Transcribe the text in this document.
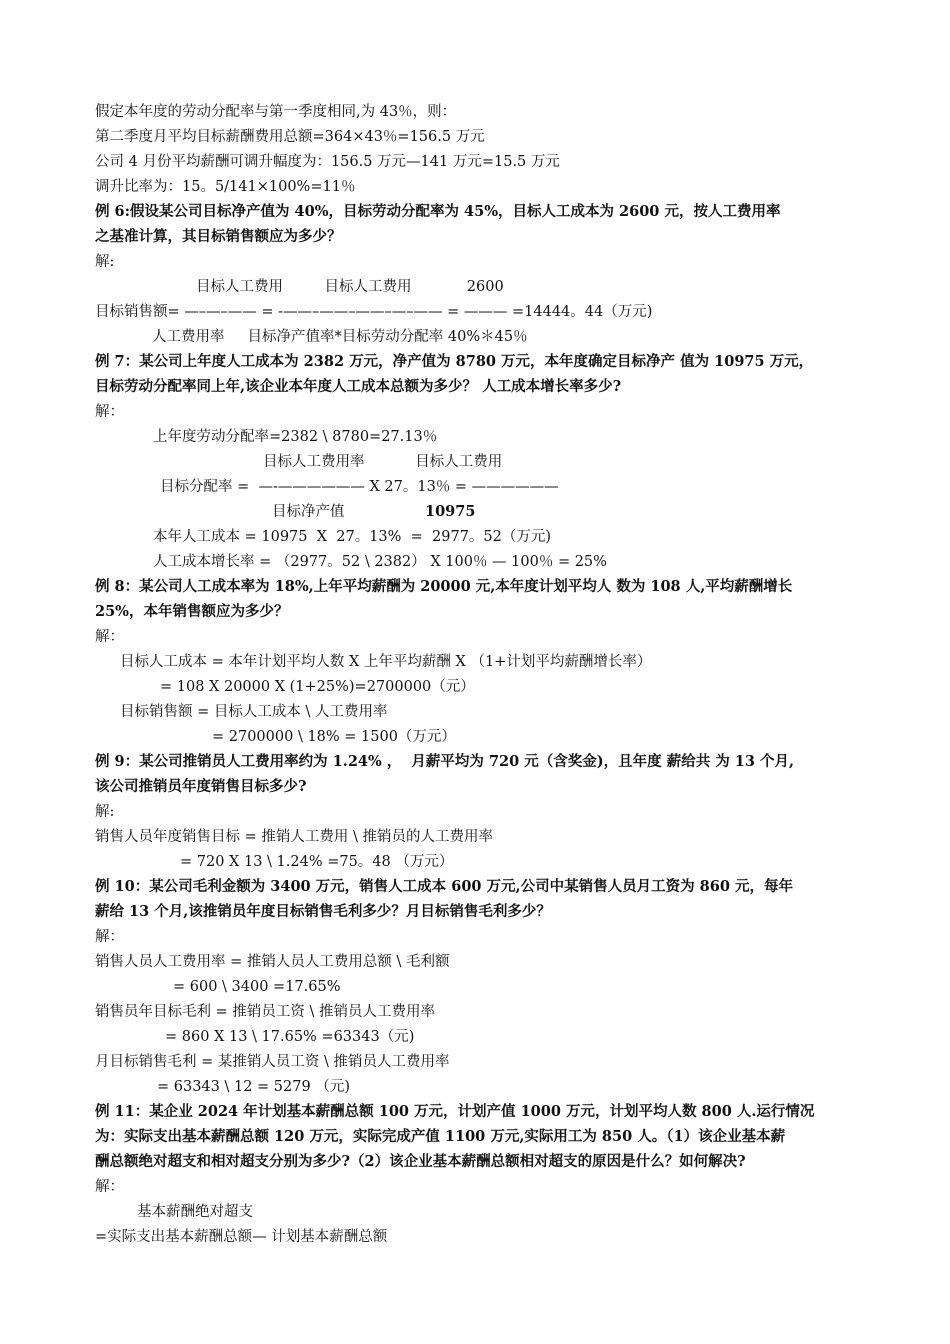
假定本年度的劳动分配率与第一季度相同,为 43％，则：
第二季度月平均目标薪酬费用总额=364×43％=156.5 万元
公司 4 月份平均薪酬可调升幅度为：156.5 万元—141 万元=15.5 万元
调升比率为：15。5/141×100%=11％
例 6:假设某公司目标净产值为 40%，目标劳动分配率为 45%，目标人工成本为 2600 元，按人工费用率
之基准计算，其目标销售额应为多少？
解:
目标人工费用         目标人工费用            2600
目标销售额= —–—–—— = -——–——–——–—–—— = ——— =14444。44（万元)
人工费用率     目标净产值率*目标劳动分配率 40%＊45％
例 7：某公司上年度人工成本为 2382 万元，净产值为 8780 万元，本年度确定目标净产 值为 10975 万元，
目标劳动分配率同上年,该企业本年度人工成本总额为多少？ 人工成本增长率多少?
解：
上年度劳动分配率=2382 \ 8780=27.13％
目标人工费用率           目标人工费用
目标分配率 =  —-—————— X 27。13％ = ——————
目标净产值	10975
本年人工成本 = 10975  X  27。13%  =  2977。52（万元)
人工成本增长率 = （2977。52 \ 2382） X 100％ — 100％ = 25%
例 8：某公司人工成本率为 18%,上年平均薪酬为 20000 元,本年度计划平均人 数为 108 人,平均薪酬增长
25%，本年销售额应为多少？
解：
目标人工成本 = 本年计划平均人数 X 上年平均薪酬 X （1+计划平均薪酬增长率）
= 108 X 20000 X (1+25%)=2700000（元）
目标销售额 = 目标人工成本 \ 人工费用率
= 2700000 \ 18% = 1500（万元）
例 9：某公司推销员人工费用率约为 1.24% ，  月薪平均为 720 元（含奖金)，且年度 薪给共 为 13 个月,
该公司推销员年度销售目标多少?
解:
销售人员年度销售目标 = 推销人工费用 \ 推销员的人工费用率
= 720 X 13 \ 1.24% =75。48 （万元）
例 10：某公司毛利金额为 3400 万元，销售人工成本 600 万元,公司中某销售人员月工资为 860 元，每年
薪给 13 个月,该推销员年度目标销售毛利多少？月目标销售毛利多少？
解：
销售人员人工费用率 = 推销人员人工费用总额 \ 毛利额
= 600 \ 3400 =17.65%
销售员年目标毛利 = 推销员工资 \ 推销员人工费用率
= 860 X 13 \ 17.65% =63343（元)
月目标销售毛利 = 某推销人员工资 \ 推销员人工费用率
= 63343 \ 12 = 5279 （元)
例 11：某企业 2024 年计划基本薪酬总额 100 万元，计划产值 1000 万元，计划平均人数 800 人.运行情况
为：实际支出基本薪酬总额 120 万元，实际完成产值 1100 万元,实际用工为 850 人。（1）该企业基本薪
酬总额绝对超支和相对超支分别为多少?（2）该企业基本薪酬总额相对超支的原因是什么？如何解决?
解：
基本薪酬绝对超支
=实际支出基本薪酬总额— 计划基本薪酬总额
